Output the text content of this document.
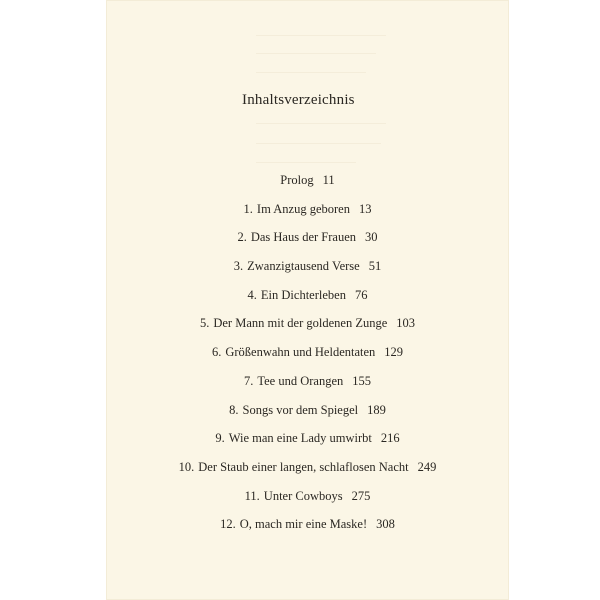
Inhaltsverzeichnis
Prolog 11
1. Im Anzug geboren 13
2. Das Haus der Frauen 30
3. Zwanzigtausend Verse 51
4. Ein Dichterleben 76
5. Der Mann mit der goldenen Zunge 103
6. Größenwahn und Heldentaten 129
7. Tee und Orangen 155
8. Songs vor dem Spiegel 189
9. Wie man eine Lady umwirbt 216
10. Der Staub einer langen, schlaflosen Nacht 249
11. Unter Cowboys 275
12. O, mach mir eine Maske! 308
